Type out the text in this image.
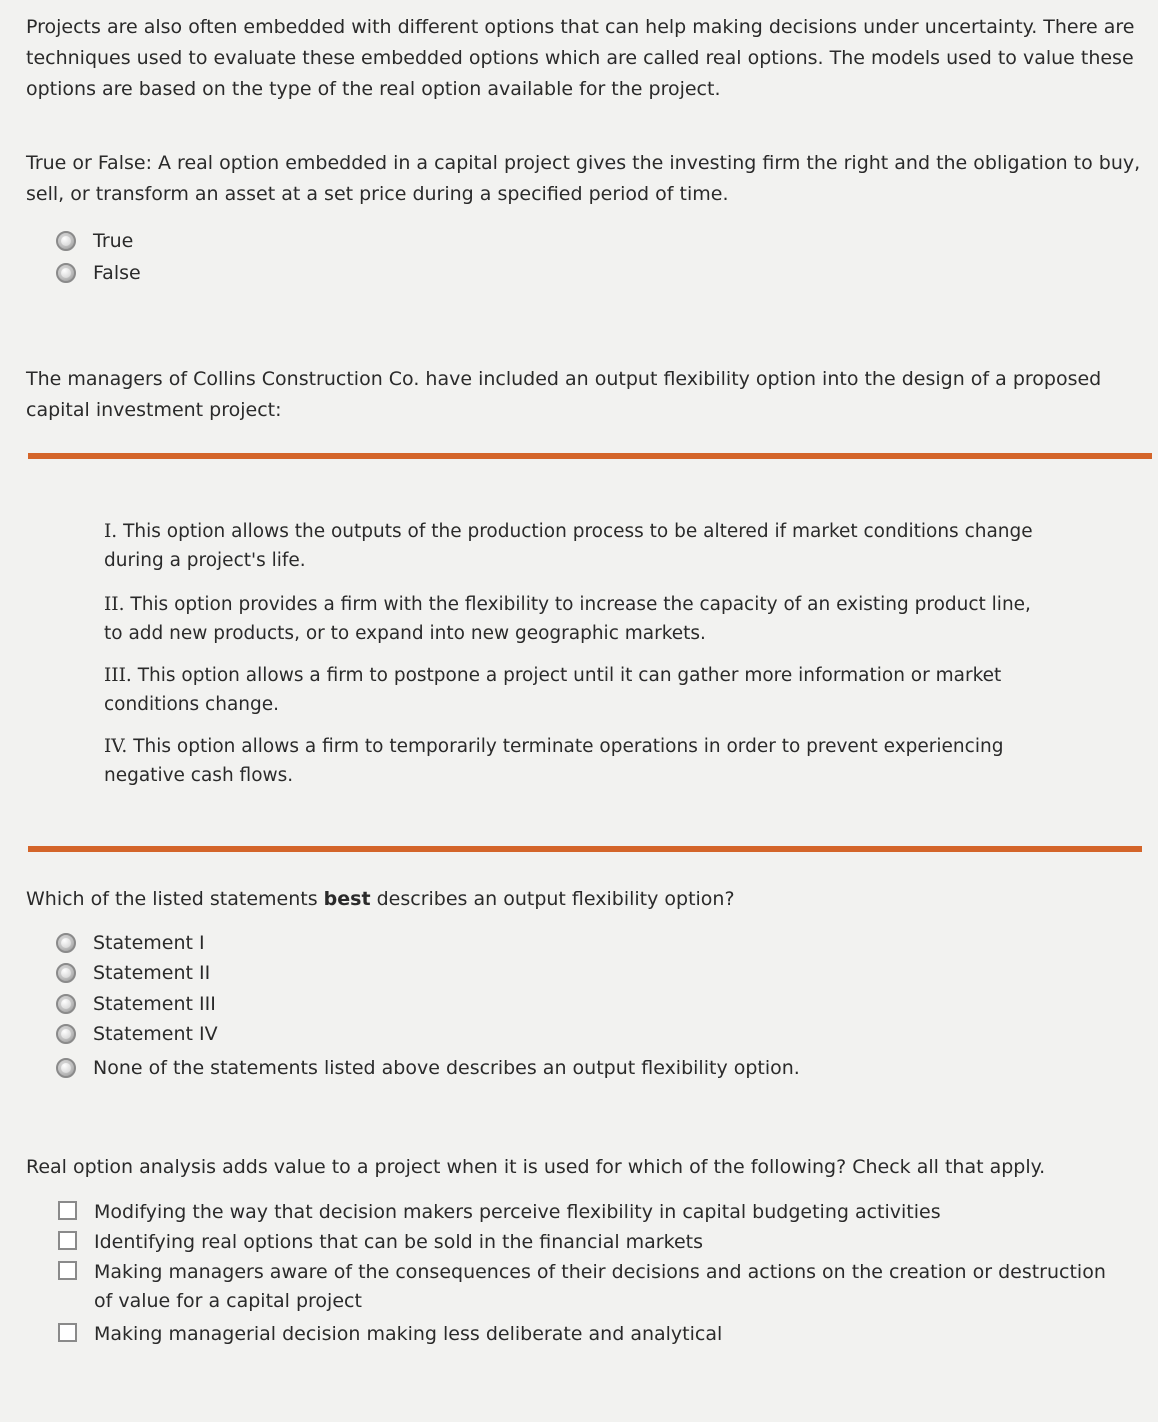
Projects are also often embedded with different options that can help making decisions under uncertainty. There are techniques used to evaluate these embedded options which are called real options. The models used to value these options are based on the type of the real option available for the project.
True or False: A real option embedded in a capital project gives the investing firm the right and the obligation to buy, sell, or transform an asset at a set price during a specified period of time.
True
False
The managers of Collins Construction Co. have included an output flexibility option into the design of a proposed capital investment project:
I. This option allows the outputs of the production process to be altered if market conditions change during a project's life.
II. This option provides a firm with the flexibility to increase the capacity of an existing product line, to add new products, or to expand into new geographic markets.
III. This option allows a firm to postpone a project until it can gather more information or market conditions change.
IV. This option allows a firm to temporarily terminate operations in order to prevent experiencing negative cash flows.
Which of the listed statements best describes an output flexibility option?
Statement I
Statement II
Statement III
Statement IV
None of the statements listed above describes an output flexibility option.
Real option analysis adds value to a project when it is used for which of the following? Check all that apply.
Modifying the way that decision makers perceive flexibility in capital budgeting activities
Identifying real options that can be sold in the financial markets
Making managers aware of the consequences of their decisions and actions on the creation or destruction of value for a capital project
Making managerial decision making less deliberate and analytical
